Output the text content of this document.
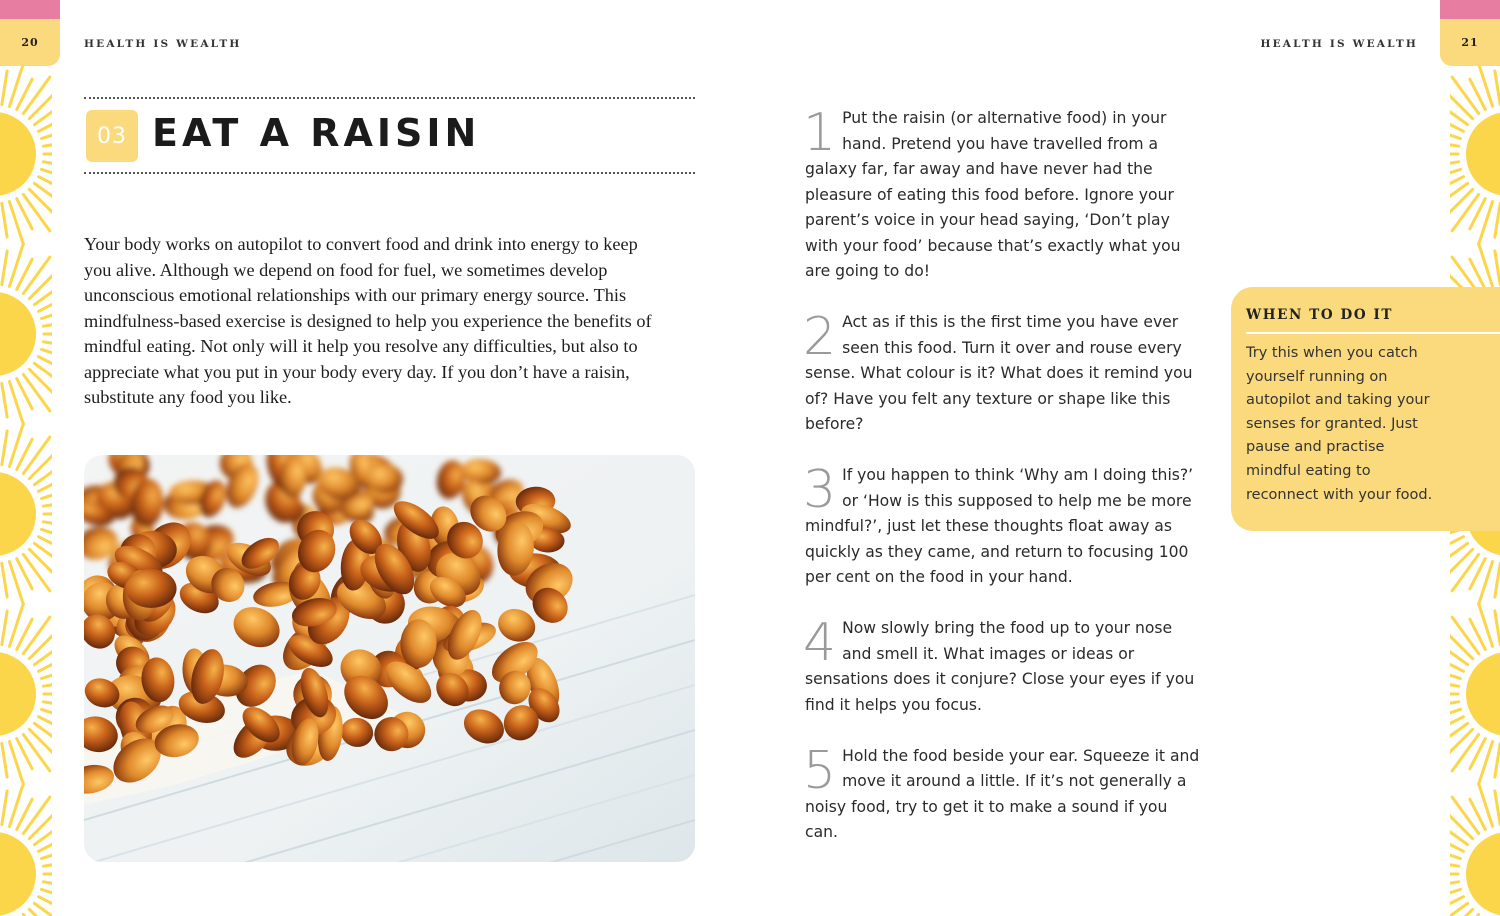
20	21
HEALTH IS WEALTH	HEALTH IS WEALTH
03 EAT A RAISIN

Your body works on autopilot to convert food and drink into energy to keep you alive. Although we depend on food for fuel, we sometimes develop unconscious emotional relationships with our primary energy source. This mindfulness-based exercise is designed to help you experience the benefits of mindful eating. Not only will it help you resolve any difficulties, but also to appreciate what you put in your body every day. If you don’t have a raisin, substitute any food you like.

1 Put the raisin (or alternative food) in your hand. Pretend you have travelled from a galaxy far, far away and have never had the pleasure of eating this food before. Ignore your parent’s voice in your head saying, ‘Don’t play with your food’ because that’s exactly what you are going to do!
2 Act as if this is the first time you have ever seen this food. Turn it over and rouse every sense. What colour is it? What does it remind you of? Have you felt any texture or shape like this before?
3 If you happen to think ‘Why am I doing this?’ or ‘How is this supposed to help me be more mindful?’, just let these thoughts float away as quickly as they came, and return to focusing 100 per cent on the food in your hand.
4 Now slowly bring the food up to your nose and smell it. What images or ideas or sensations does it conjure? Close your eyes if you find it helps you focus.
5 Hold the food beside your ear. Squeeze it and move it around a little. If it’s not generally a noisy food, try to get it to make a sound if you can.
WHEN TO DO IT

Try this when you catch yourself running on autopilot and taking your senses for granted. Just pause and practise mindful eating to reconnect with your food.
